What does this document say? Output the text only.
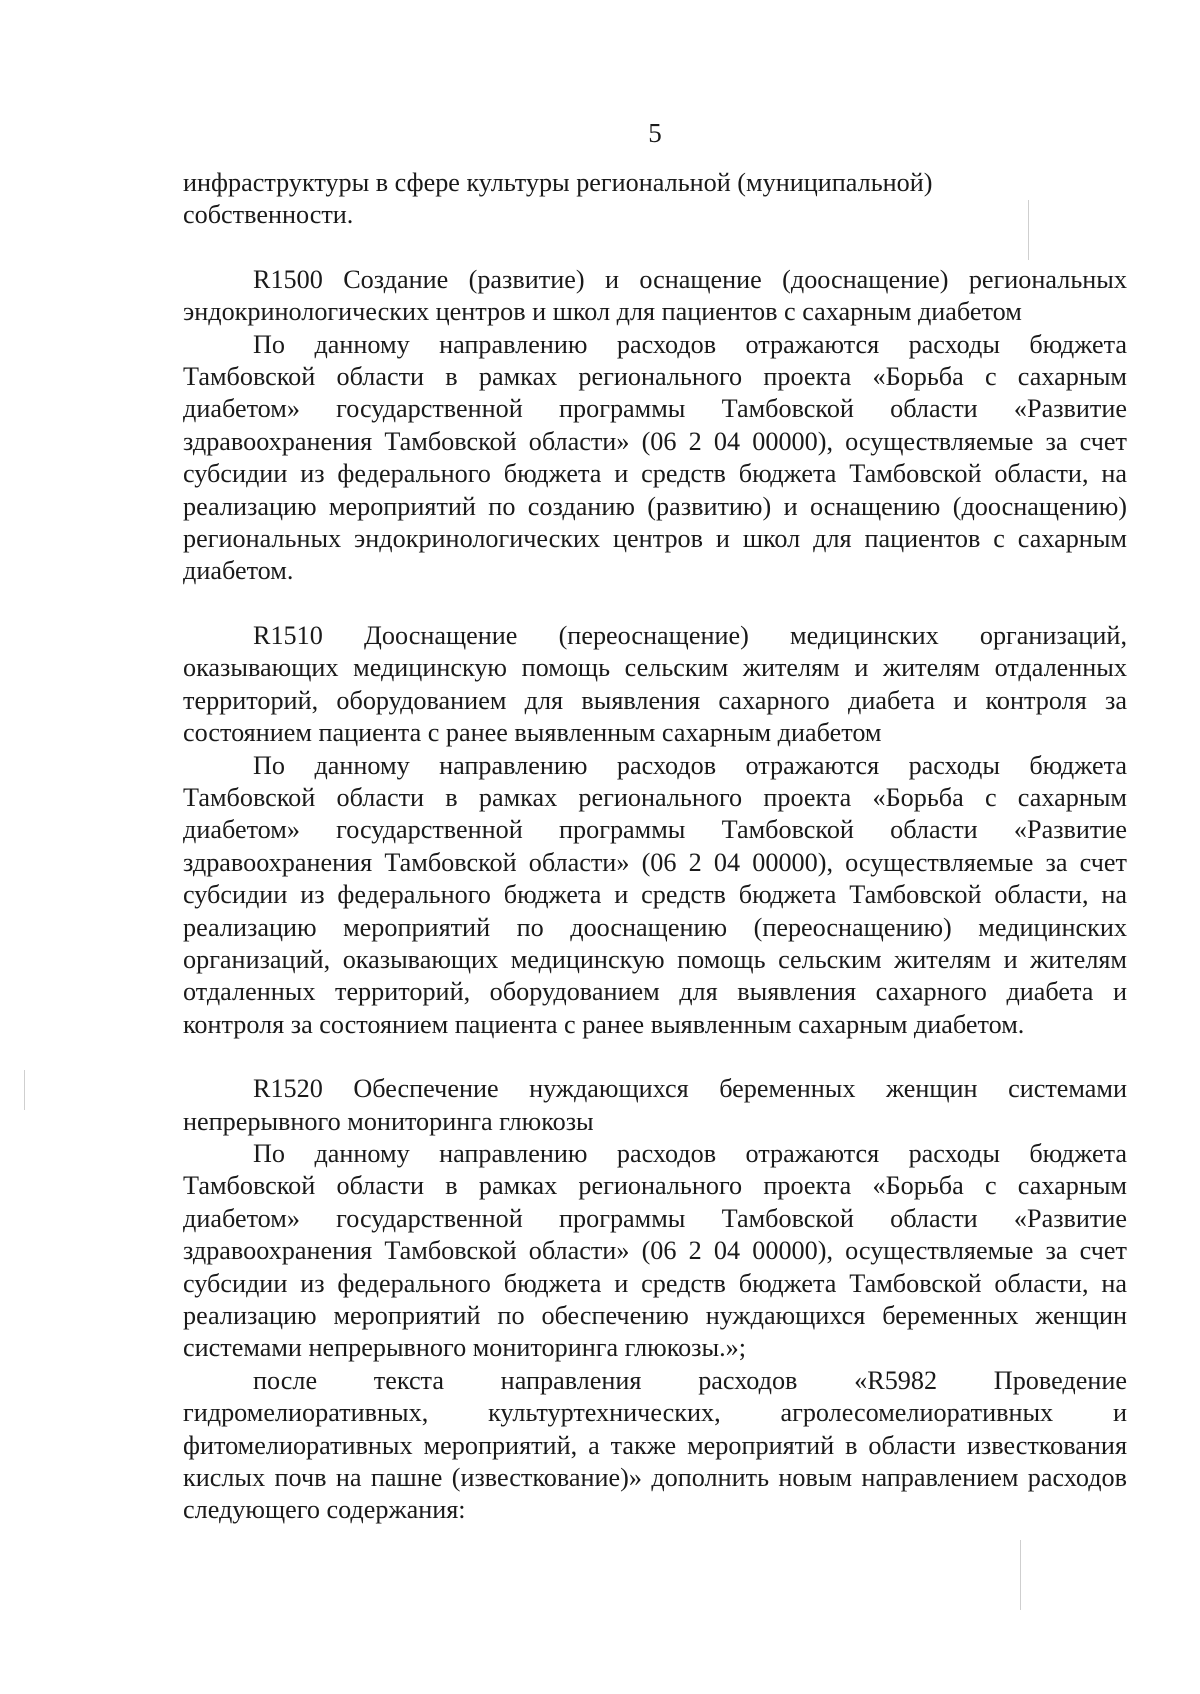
5

инфраструктуры в сфере культуры региональной (муниципальной)

собственности.

R1500 Создание (развитие) и оснащение (дооснащение) региональных эндокринологических центров и школ для пациентов с сахарным диабетом

По данному направлению расходов отражаются расходы бюджета Тамбовской области в рамках регионального проекта «Борьба с сахарным диабетом» государственной программы Тамбовской области «Развитие здравоохранения Тамбовской области» (06 2 04 00000), осуществляемые за счет субсидии из федерального бюджета и средств бюджета Тамбовской области, на реализацию мероприятий по созданию (развитию) и оснащению (дооснащению) региональных эндокринологических центров и школ для пациентов с сахарным диабетом.

R1510 Дооснащение (переоснащение) медицинских организаций, оказывающих медицинскую помощь сельским жителям и жителям отдаленных территорий, оборудованием для выявления сахарного диабета и контроля за состоянием пациента с ранее выявленным сахарным диабетом

По данному направлению расходов отражаются расходы бюджета Тамбовской области в рамках регионального проекта «Борьба с сахарным диабетом» государственной программы Тамбовской области «Развитие здравоохранения Тамбовской области» (06 2 04 00000), осуществляемые за счет субсидии из федерального бюджета и средств бюджета Тамбовской области, на реализацию мероприятий по дооснащению (переоснащению) медицинских организаций, оказывающих медицинскую помощь сельским жителям и жителям отдаленных территорий, оборудованием для выявления сахарного диабета и контроля за состоянием пациента с ранее выявленным сахарным диабетом.

R1520 Обеспечение нуждающихся беременных женщин системами непрерывного мониторинга глюкозы

По данному направлению расходов отражаются расходы бюджета Тамбовской области в рамках регионального проекта «Борьба с сахарным диабетом» государственной программы Тамбовской области «Развитие здравоохранения Тамбовской области» (06 2 04 00000), осуществляемые за счет субсидии из федерального бюджета и средств бюджета Тамбовской области, на реализацию мероприятий по обеспечению нуждающихся беременных женщин системами непрерывного мониторинга глюкозы.»;

после текста направления расходов «R5982 Проведение гидромелиоративных, культуртехнических, агролесомелиоративных и фитомелиоративных мероприятий, а также мероприятий в области известкования кислых почв на пашне (известкование)» дополнить новым направлением расходов следующего содержания:
